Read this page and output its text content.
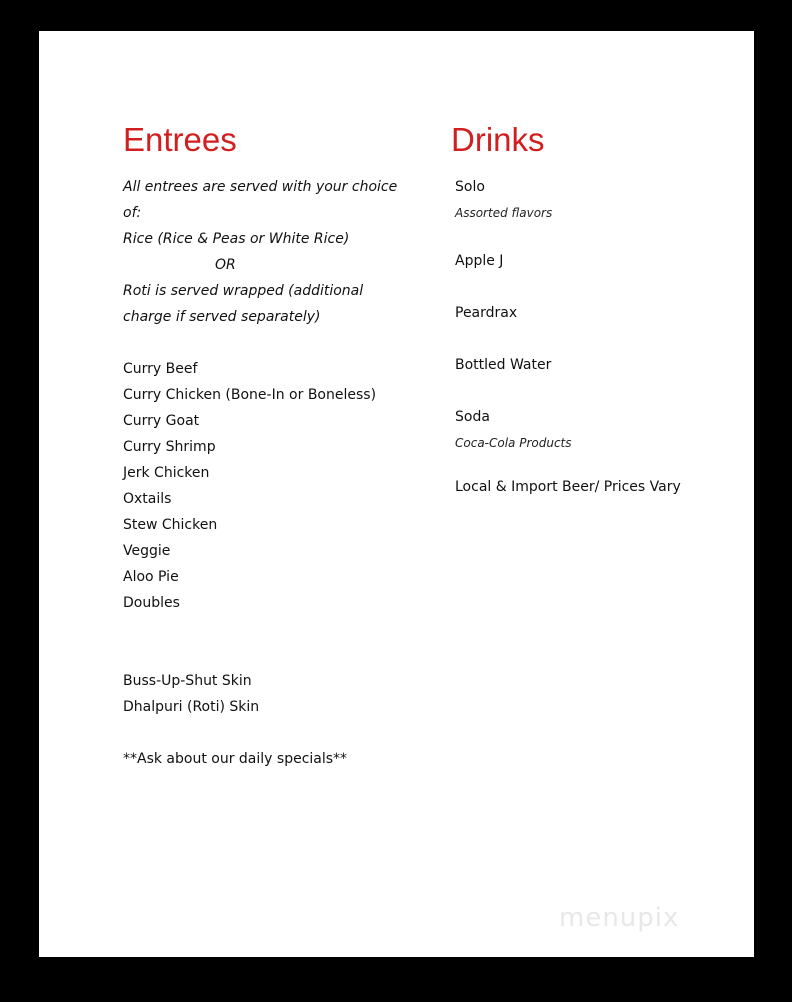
Entrees
All entrees are served with your choice
of:
Rice (Rice & Peas or White Rice)
OR
Roti is served wrapped (additional
charge if served separately)
Curry Beef
Curry Chicken (Bone-In or Boneless)
Curry Goat
Curry Shrimp
Jerk Chicken
Oxtails
Stew Chicken
Veggie
Aloo Pie
Doubles
Buss-Up-Shut Skin
Dhalpuri (Roti) Skin
**Ask about our daily specials**
Drinks
Solo
Assorted flavors
Apple J
Peardrax
Bottled Water
Soda
Coca-Cola Products
Local & Import Beer/ Prices Vary
menupix
